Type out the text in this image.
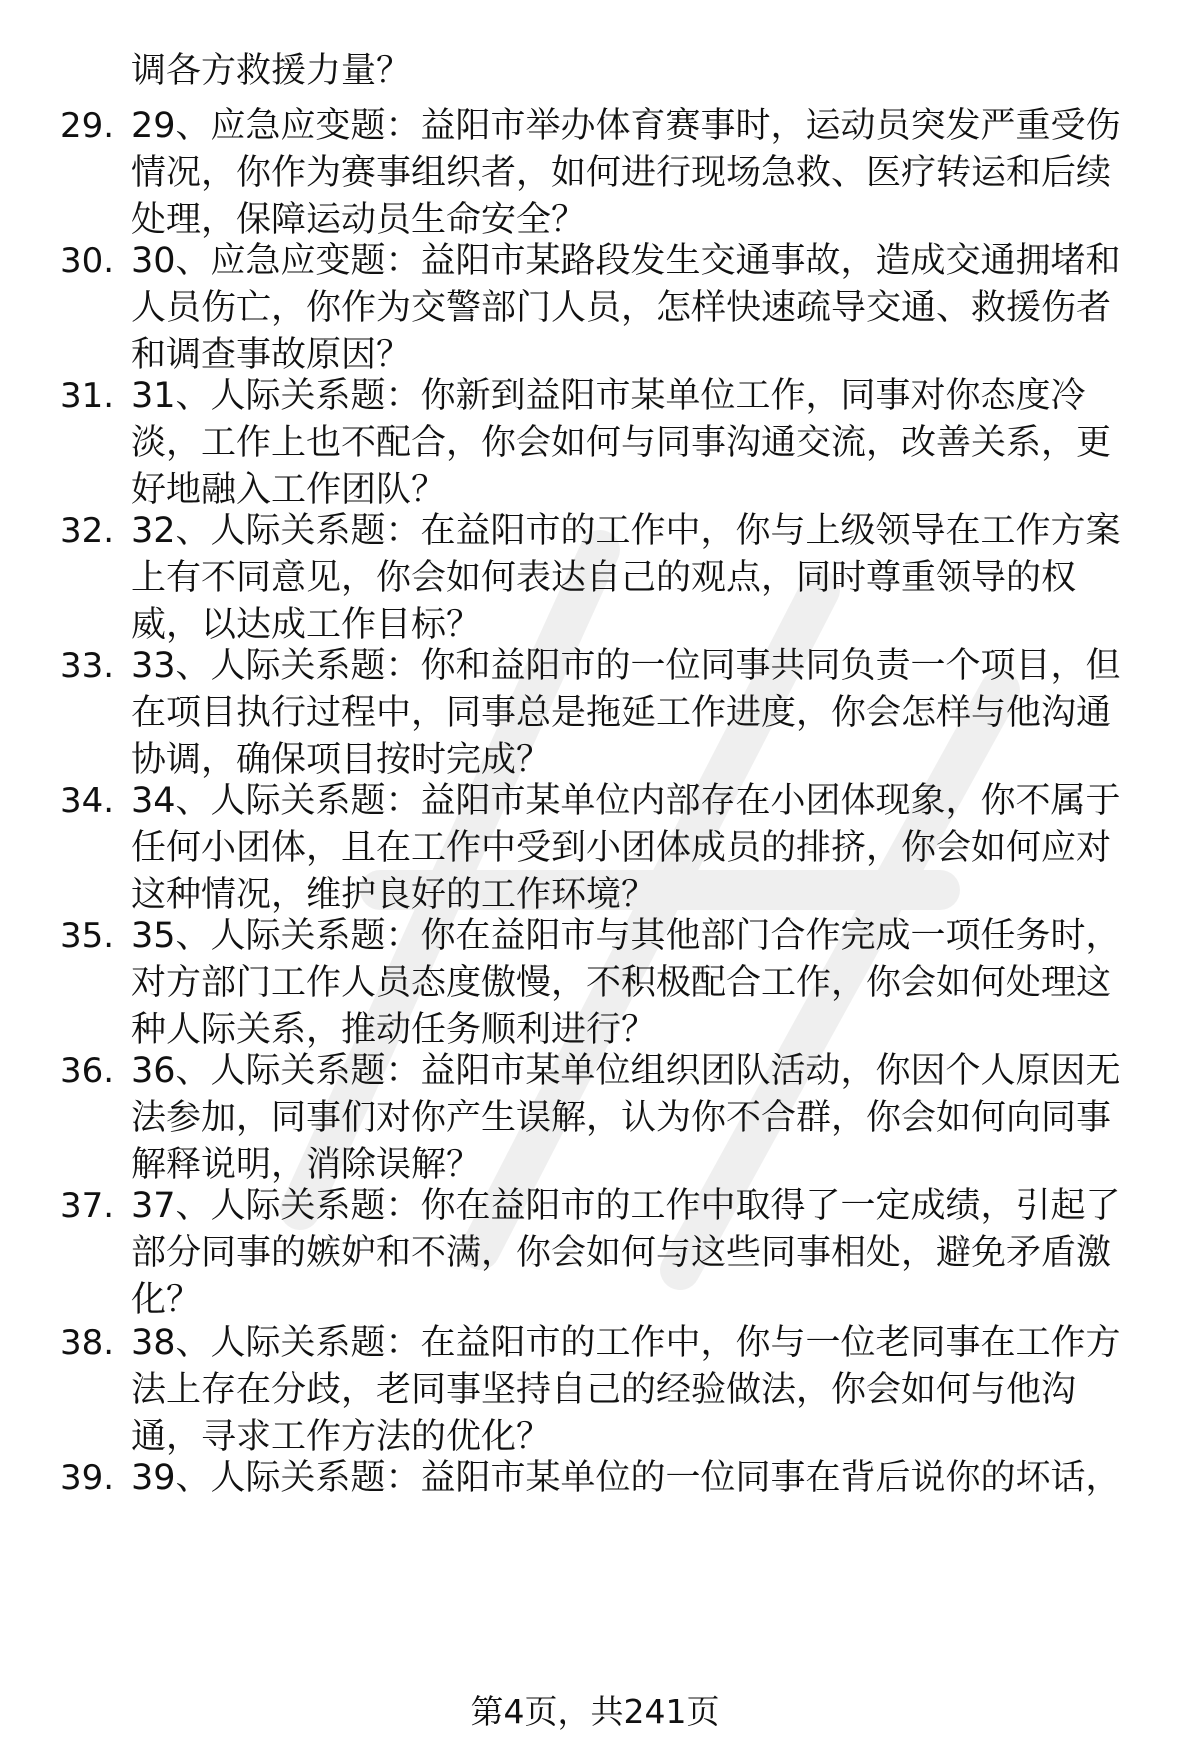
调各方救援力量？
29. 29、应急应变题：益阳市举办体育赛事时，运动员突发严重受伤
情况，你作为赛事组织者，如何进行现场急救、医疗转运和后续
处理，保障运动员生命安全？
30. 30、应急应变题：益阳市某路段发生交通事故，造成交通拥堵和
人员伤亡，你作为交警部门人员，怎样快速疏导交通、救援伤者
和调查事故原因？
31. 31、人际关系题：你新到益阳市某单位工作，同事对你态度冷
淡，工作上也不配合，你会如何与同事沟通交流，改善关系，更
好地融入工作团队？
32. 32、人际关系题：在益阳市的工作中，你与上级领导在工作方案
上有不同意见，你会如何表达自己的观点，同时尊重领导的权
威，以达成工作目标？
33. 33、人际关系题：你和益阳市的一位同事共同负责一个项目，但
在项目执行过程中，同事总是拖延工作进度，你会怎样与他沟通
协调，确保项目按时完成？
34. 34、人际关系题：益阳市某单位内部存在小团体现象，你不属于
任何小团体，且在工作中受到小团体成员的排挤，你会如何应对
这种情况，维护良好的工作环境？
35. 35、人际关系题：你在益阳市与其他部门合作完成一项任务时，
对方部门工作人员态度傲慢，不积极配合工作，你会如何处理这
种人际关系，推动任务顺利进行？
36. 36、人际关系题：益阳市某单位组织团队活动，你因个人原因无
法参加，同事们对你产生误解，认为你不合群，你会如何向同事
解释说明，消除误解？
37. 37、人际关系题：你在益阳市的工作中取得了一定成绩，引起了
部分同事的嫉妒和不满，你会如何与这些同事相处，避免矛盾激
化？
38. 38、人际关系题：在益阳市的工作中，你与一位老同事在工作方
法上存在分歧，老同事坚持自己的经验做法，你会如何与他沟
通，寻求工作方法的优化？
39. 39、人际关系题：益阳市某单位的一位同事在背后说你的坏话，
第4页，共241页
